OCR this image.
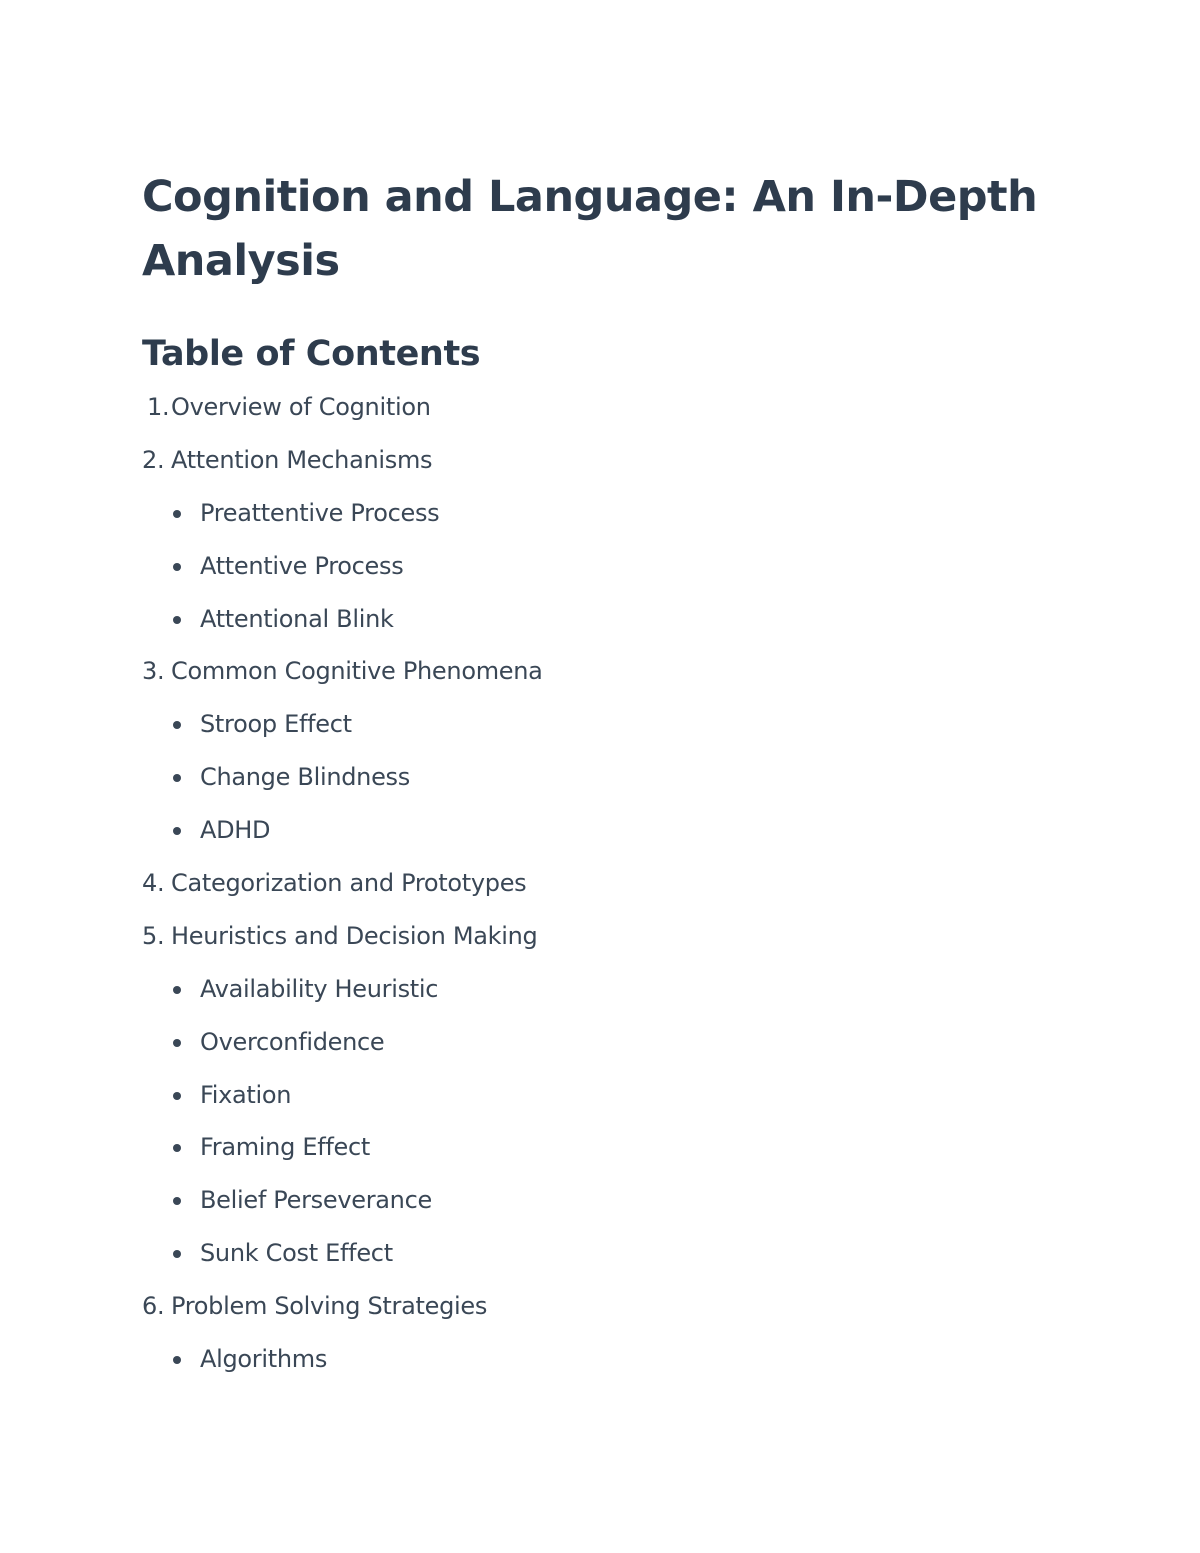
Cognition and Language: An In-Depth Analysis
Table of Contents
1.Overview of Cognition
2. Attention Mechanisms
Preattentive Process
Attentive Process
Attentional Blink
3. Common Cognitive Phenomena
Stroop Effect
Change Blindness
ADHD
4. Categorization and Prototypes
5. Heuristics and Decision Making
Availability Heuristic
Overconfidence
Fixation
Framing Effect
Belief Perseverance
Sunk Cost Effect
6. Problem Solving Strategies
Algorithms
